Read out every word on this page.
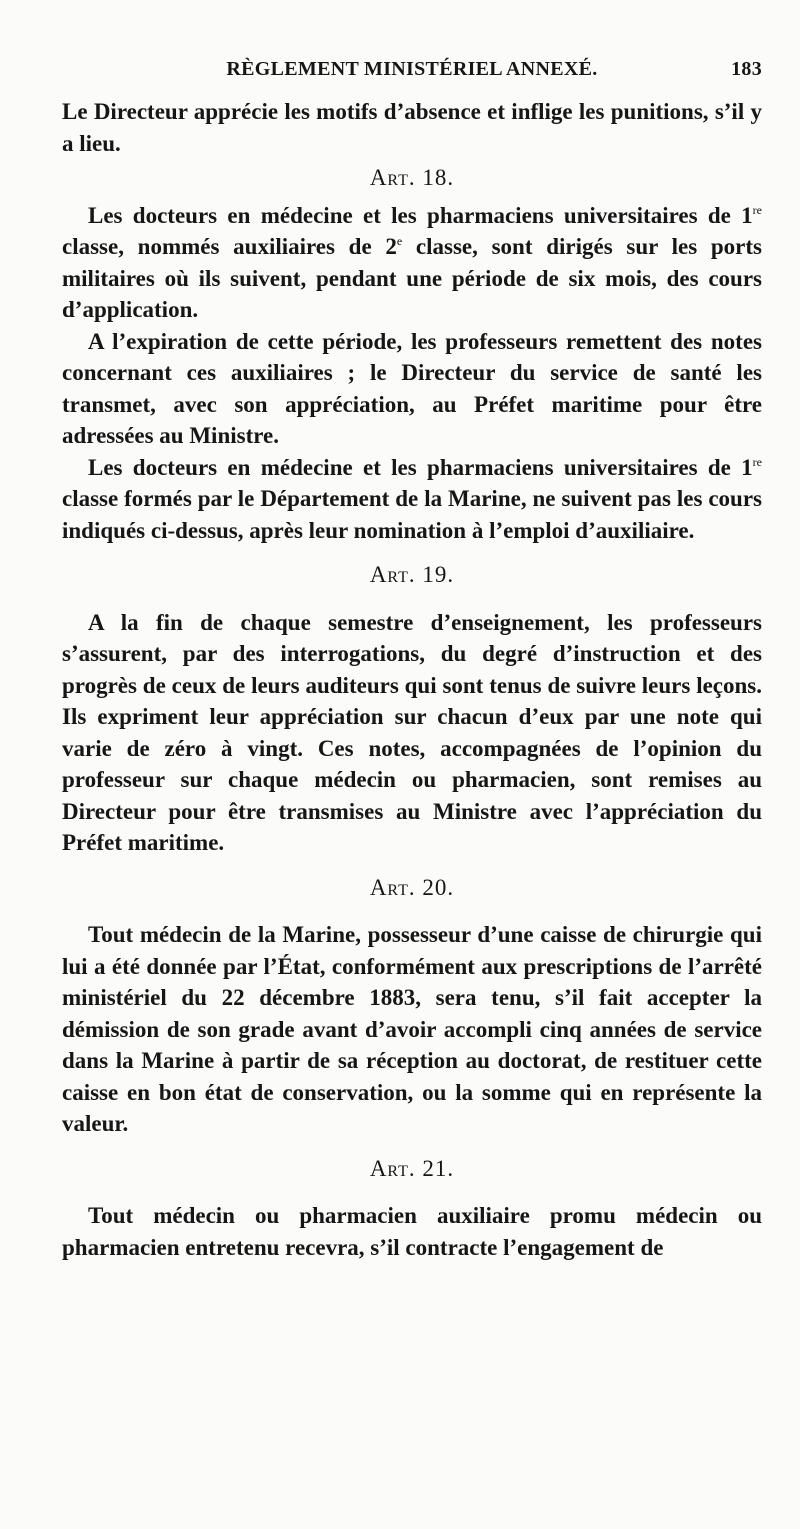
RÈGLEMENT MINISTÉRIEL ANNEXÉ.	183

Le Directeur apprécie les motifs d’absence et inflige les punitions, s’il y a lieu.

Art. 18.

Les docteurs en médecine et les pharmaciens universitaires de 1re classe, nommés auxiliaires de 2e classe, sont dirigés sur les ports militaires où ils suivent, pendant une période de six mois, des cours d’application.

A l’expiration de cette période, les professeurs remettent des notes concernant ces auxiliaires ; le Directeur du service de santé les transmet, avec son appréciation, au Préfet maritime pour être adressées au Ministre.

Les docteurs en médecine et les pharmaciens universitaires de 1re classe formés par le Département de la Marine, ne suivent pas les cours indiqués ci-dessus, après leur nomination à l’emploi d’auxiliaire.

Art. 19.

A la fin de chaque semestre d’enseignement, les professeurs s’assurent, par des interrogations, du degré d’instruction et des progrès de ceux de leurs auditeurs qui sont tenus de suivre leurs leçons. Ils expriment leur appréciation sur chacun d’eux par une note qui varie de zéro à vingt. Ces notes, accompagnées de l’opinion du professeur sur chaque médecin ou pharmacien, sont remises au Directeur pour être transmises au Ministre avec l’appréciation du Préfet maritime.

Art. 20.

Tout médecin de la Marine, possesseur d’une caisse de chirurgie qui lui a été donnée par l’État, conformément aux prescriptions de l’arrêté ministériel du 22 décembre 1883, sera tenu, s’il fait accepter la démission de son grade avant d’avoir accompli cinq années de service dans la Marine à partir de sa réception au doctorat, de restituer cette caisse en bon état de conservation, ou la somme qui en représente la valeur.

Art. 21.

Tout médecin ou pharmacien auxiliaire promu médecin ou pharmacien entretenu recevra, s’il contracte l’engagement de
